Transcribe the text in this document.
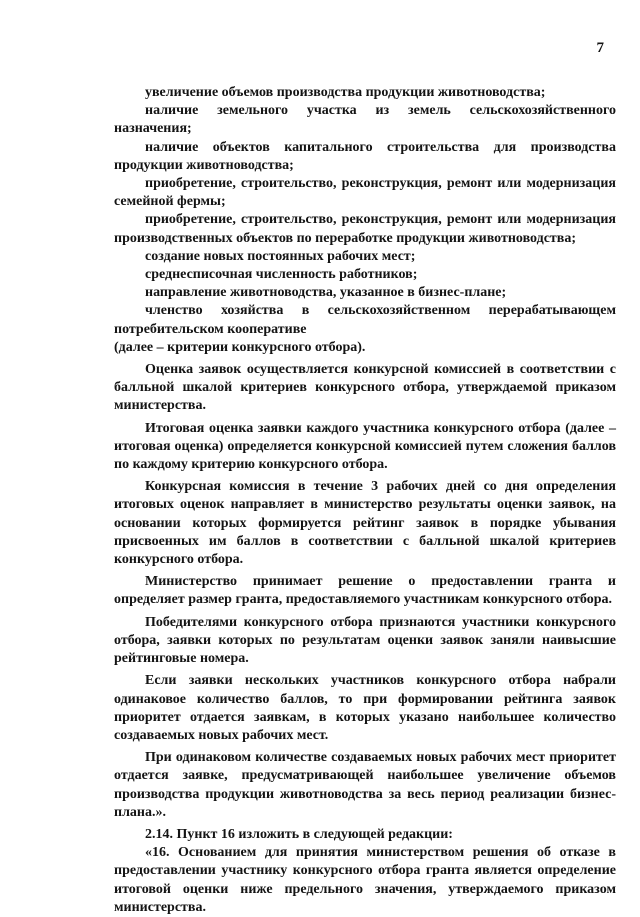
7

увеличение объемов производства продукции животноводства;

наличие земельного участка из земель сельскохозяйственного назначения;

наличие объектов капитального строительства для производства продукции животноводства;

приобретение, строительство, реконструкция, ремонт или модернизация семейной фермы;

приобретение, строительство, реконструкция, ремонт или модернизация производственных объектов по переработке продукции животноводства;

создание новых постоянных рабочих мест;

среднесписочная численность работников;

направление животноводства, указанное в бизнес-плане;

членство хозяйства в сельскохозяйственном перерабатывающем потребительском кооперативе

(далее – критерии конкурсного отбора).

Оценка заявок осуществляется конкурсной комиссией в соответствии с балльной шкалой критериев конкурсного отбора, утверждаемой приказом министерства.

Итоговая оценка заявки каждого участника конкурсного отбора (далее – итоговая оценка) определяется конкурсной комиссией путем сложения баллов по каждому критерию конкурсного отбора.

Конкурсная комиссия в течение 3 рабочих дней со дня определения итоговых оценок направляет в министерство результаты оценки заявок, на основании которых формируется рейтинг заявок в порядке убывания присвоенных им баллов в соответствии с балльной шкалой критериев конкурсного отбора.

Министерство принимает решение о предоставлении гранта и определяет размер гранта, предоставляемого участникам конкурсного отбора.

Победителями конкурсного отбора признаются участники конкурсного отбора, заявки которых по результатам оценки заявок заняли наивысшие рейтинговые номера.

Если заявки нескольких участников конкурсного отбора набрали одинаковое количество баллов, то при формировании рейтинга заявок приоритет отдается заявкам, в которых указано наибольшее количество создаваемых новых рабочих мест.

При одинаковом количестве создаваемых новых рабочих мест приоритет отдается заявке, предусматривающей наибольшее увеличение объемов производства продукции животноводства за весь период реализации бизнес-плана.».

2.14. Пункт 16 изложить в следующей редакции:

«16. Основанием для принятия министерством решения об отказе в предоставлении участнику конкурсного отбора гранта является определение итоговой оценки ниже предельного значения, утверждаемого приказом министерства.
